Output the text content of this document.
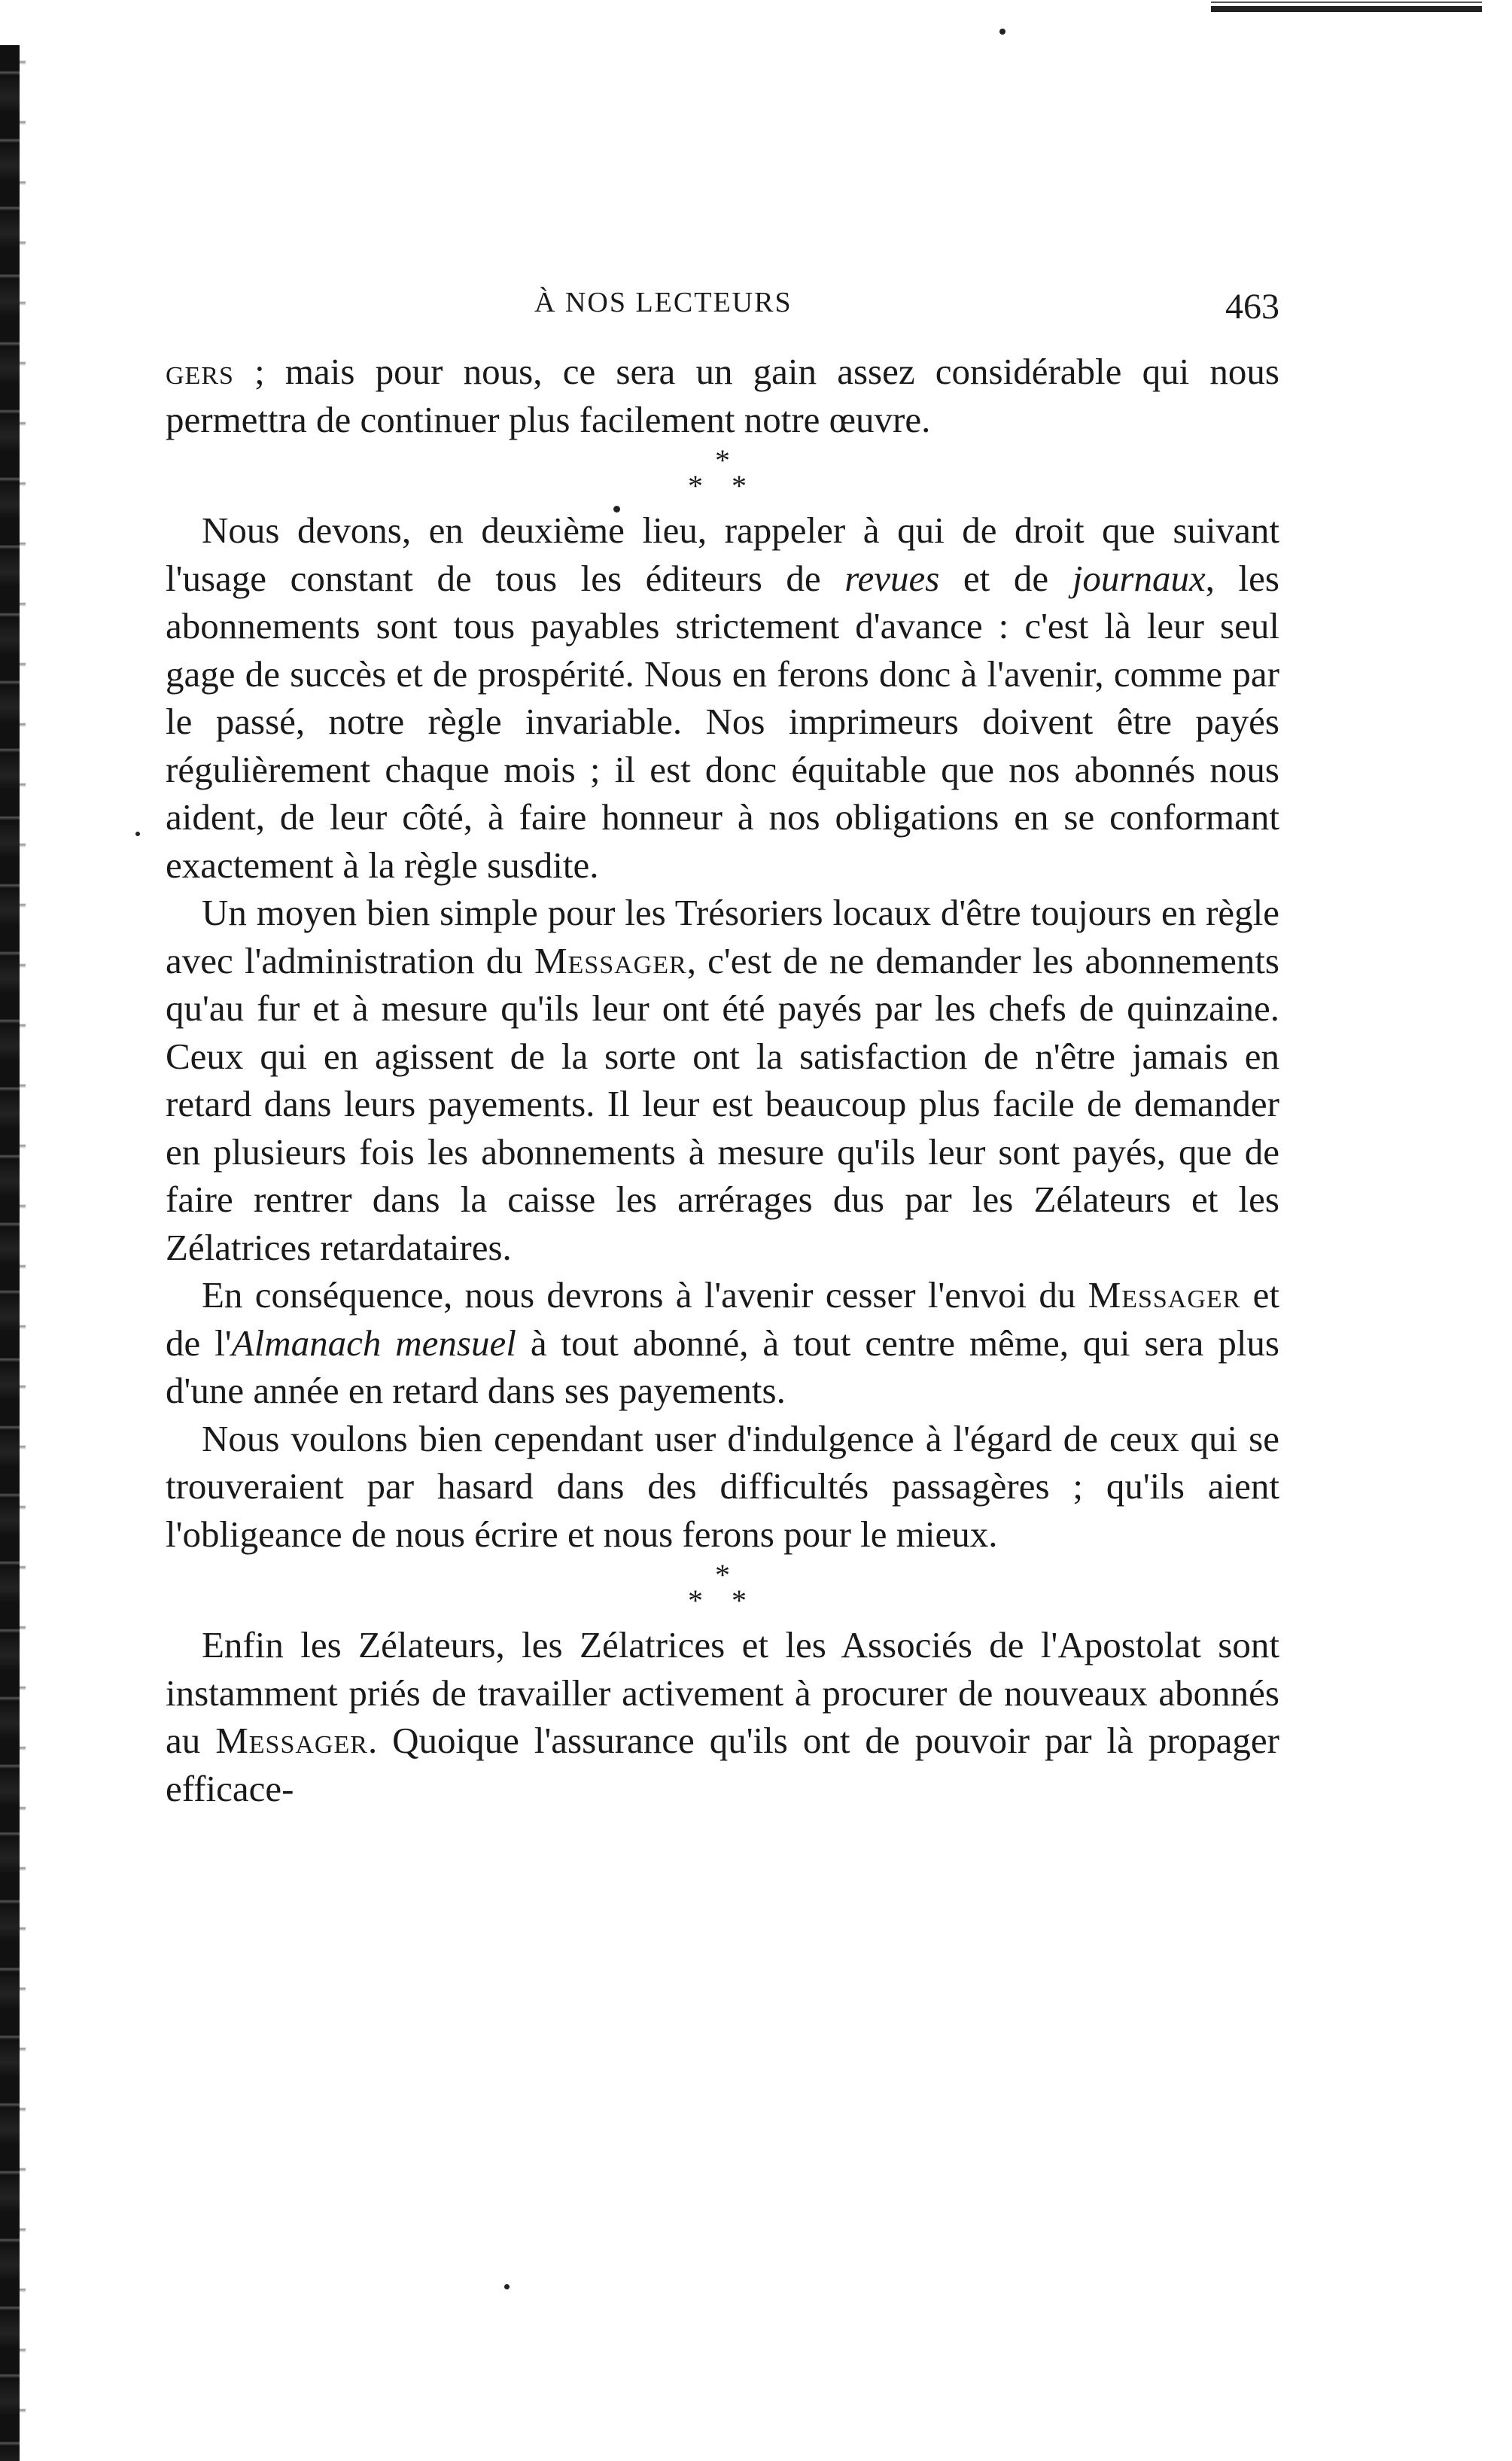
À NOS LECTEURS	463

gers ; mais pour nous, ce sera un gain assez considérable qui nous permettra de continuer plus facilement notre œuvre.

*
* *

Nous devons, en deuxième lieu, rappeler à qui de droit que suivant l'usage constant de tous les éditeurs de revues et de journaux, les abonnements sont tous payables strictement d'avance : c'est là leur seul gage de succès et de prospérité. Nous en ferons donc à l'avenir, comme par le passé, notre règle invariable. Nos imprimeurs doivent être payés régulièrement chaque mois ; il est donc équitable que nos abonnés nous aident, de leur côté, à faire honneur à nos obligations en se conformant exactement à la règle susdite.

Un moyen bien simple pour les Trésoriers locaux d'être toujours en règle avec l'administration du Messager, c'est de ne demander les abonnements qu'au fur et à mesure qu'ils leur ont été payés par les chefs de quinzaine. Ceux qui en agissent de la sorte ont la satisfaction de n'être jamais en retard dans leurs payements. Il leur est beaucoup plus facile de demander en plusieurs fois les abonnements à mesure qu'ils leur sont payés, que de faire rentrer dans la caisse les arrérages dus par les Zélateurs et les Zélatrices retardataires.

En conséquence, nous devrons à l'avenir cesser l'envoi du Messager et de l'Almanach mensuel à tout abonné, à tout centre même, qui sera plus d'une année en retard dans ses payements.

Nous voulons bien cependant user d'indulgence à l'égard de ceux qui se trouveraient par hasard dans des difficultés passagères ; qu'ils aient l'obligeance de nous écrire et nous ferons pour le mieux.

*
* *

Enfin les Zélateurs, les Zélatrices et les Associés de l'Apostolat sont instamment priés de travailler activement à procurer de nouveaux abonnés au Messager. Quoique l'assurance qu'ils ont de pouvoir par là propager efficace-
